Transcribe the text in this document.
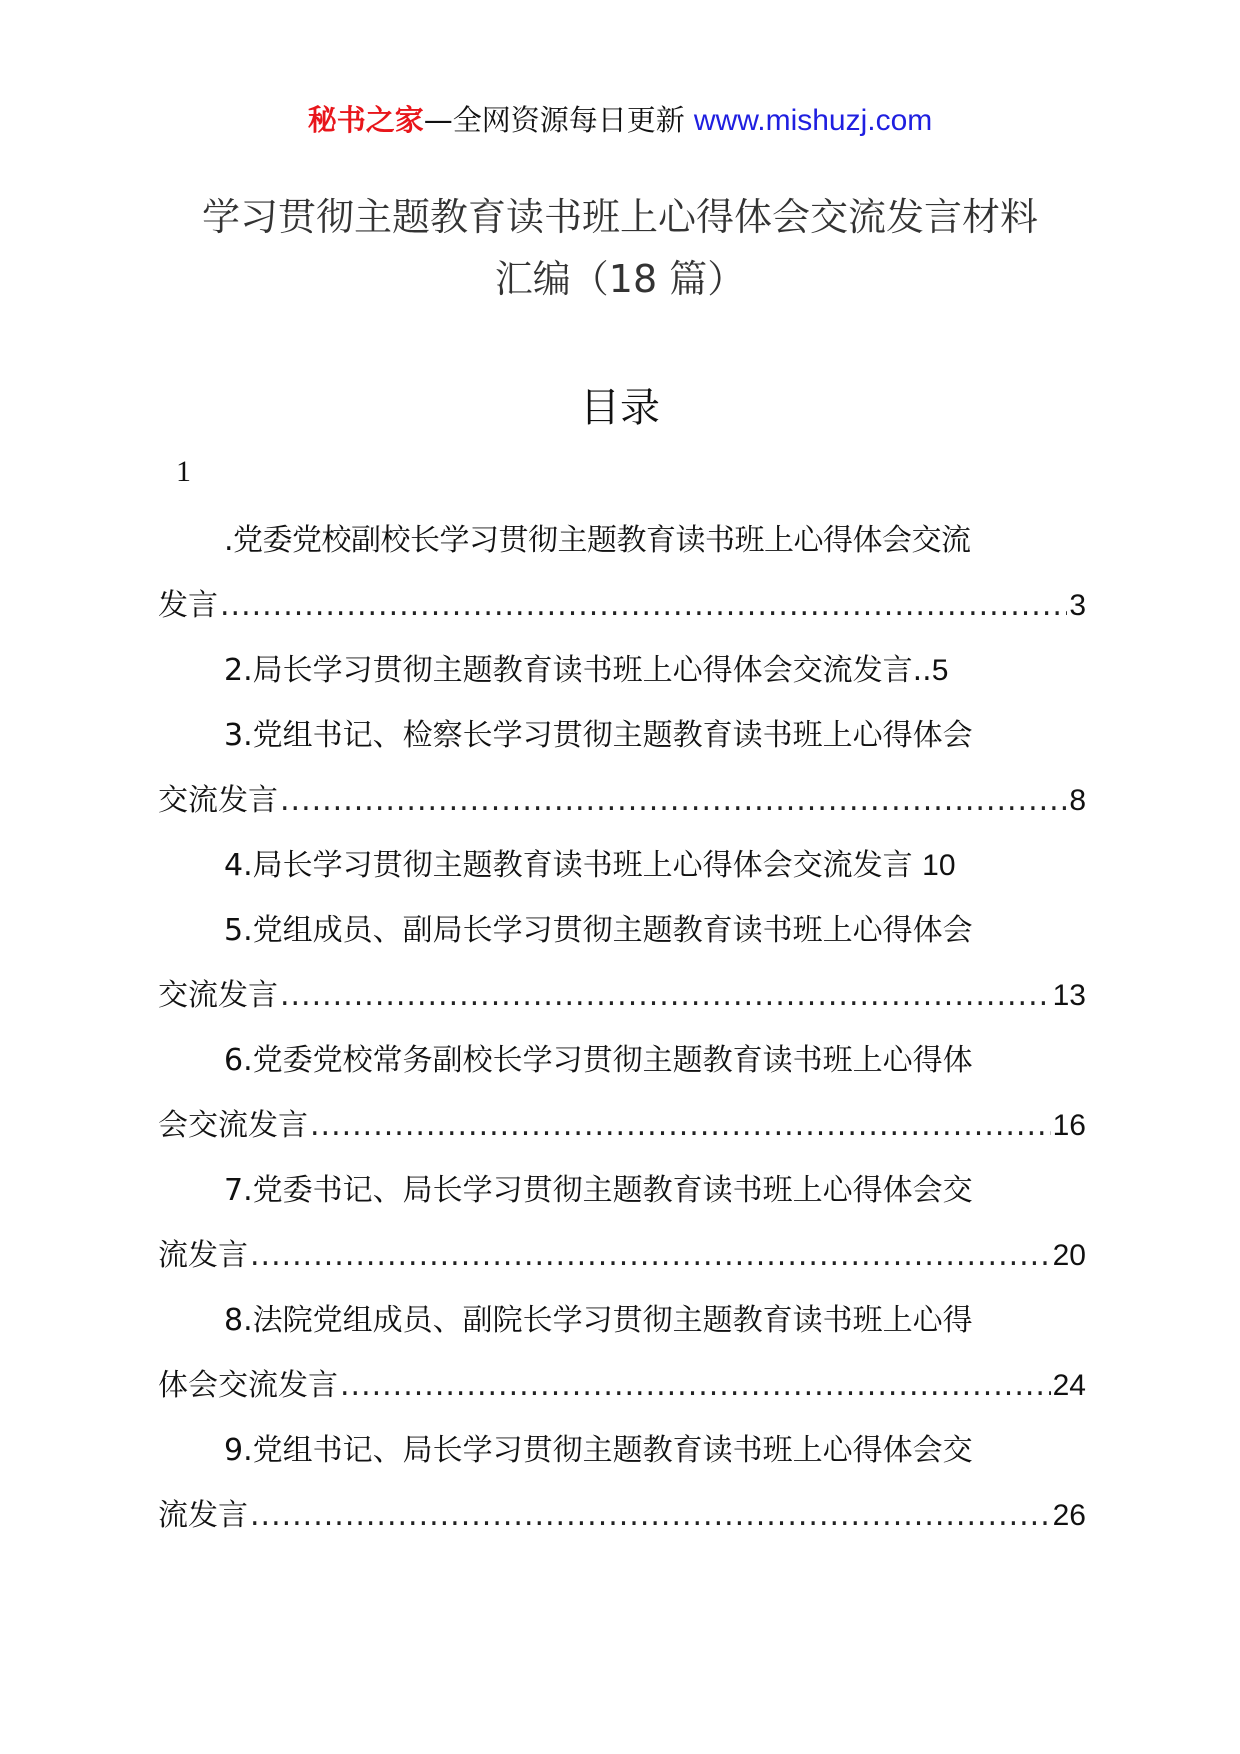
秘书之家—全网资源每日更新 www.mishuzj.com
学习贯彻主题教育读书班上心得体会交流发言材料
汇编（18 篇）
目录
1
.党委党校副校长学习贯彻主题教育读书班上心得体会交流
发言 .....	3
2.局长学习贯彻主题教育读书班上心得体会交流发言..5
3.党组书记、检察长学习贯彻主题教育读书班上心得体会
交流发言 .....	8
4.局长学习贯彻主题教育读书班上心得体会交流发言 10
5.党组成员、副局长学习贯彻主题教育读书班上心得体会
交流发言 .....	13
6.党委党校常务副校长学习贯彻主题教育读书班上心得体
会交流发言 .....	16
7.党委书记、局长学习贯彻主题教育读书班上心得体会交
流发言 .....	20
8.法院党组成员、副院长学习贯彻主题教育读书班上心得
体会交流发言 .....	24
9.党组书记、局长学习贯彻主题教育读书班上心得体会交
流发言 .....	26
